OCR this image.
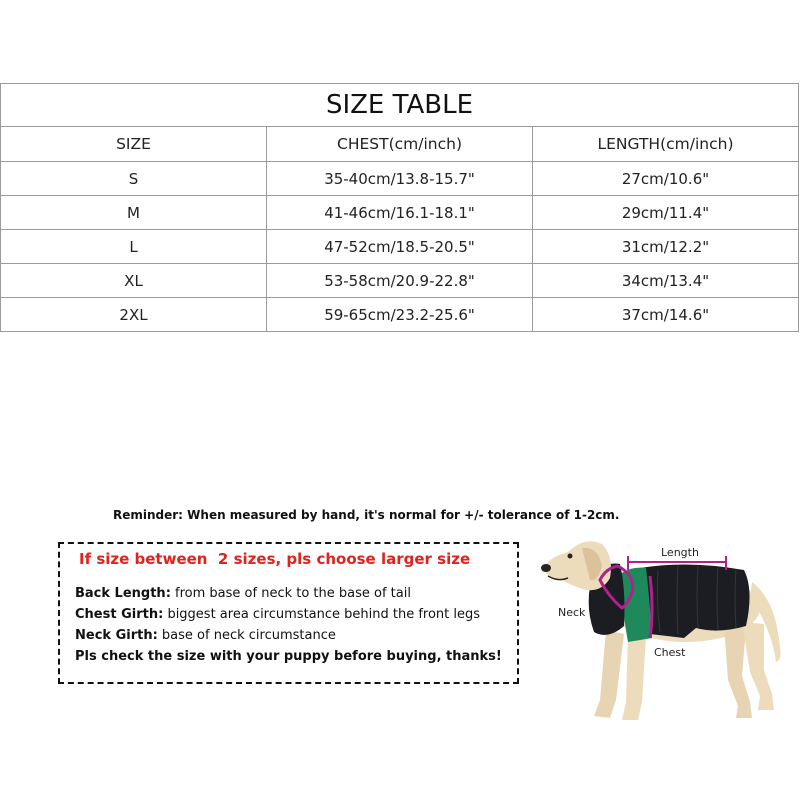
SIZE TABLE		
SIZE	CHEST(cm/inch)	LENGTH(cm/inch)
S	35-40cm/13.8-15.7"	27cm/10.6"
M	41-46cm/16.1-18.1"	29cm/11.4"
L	47-52cm/18.5-20.5"	31cm/12.2"
XL	53-58cm/20.9-22.8"	34cm/13.4"
2XL	59-65cm/23.2-25.6"	37cm/14.6"
Reminder: When measured by hand, it's normal for +/- tolerance of 1-2cm.
If size between  2 sizes, pls choose larger size
Back Length: from base of neck to the base of tail
Chest Girth: biggest area circumstance behind the front legs
Neck Girth: base of neck circumstance
Pls check the size with your puppy before buying, thanks!
Length
Neck
Chest
